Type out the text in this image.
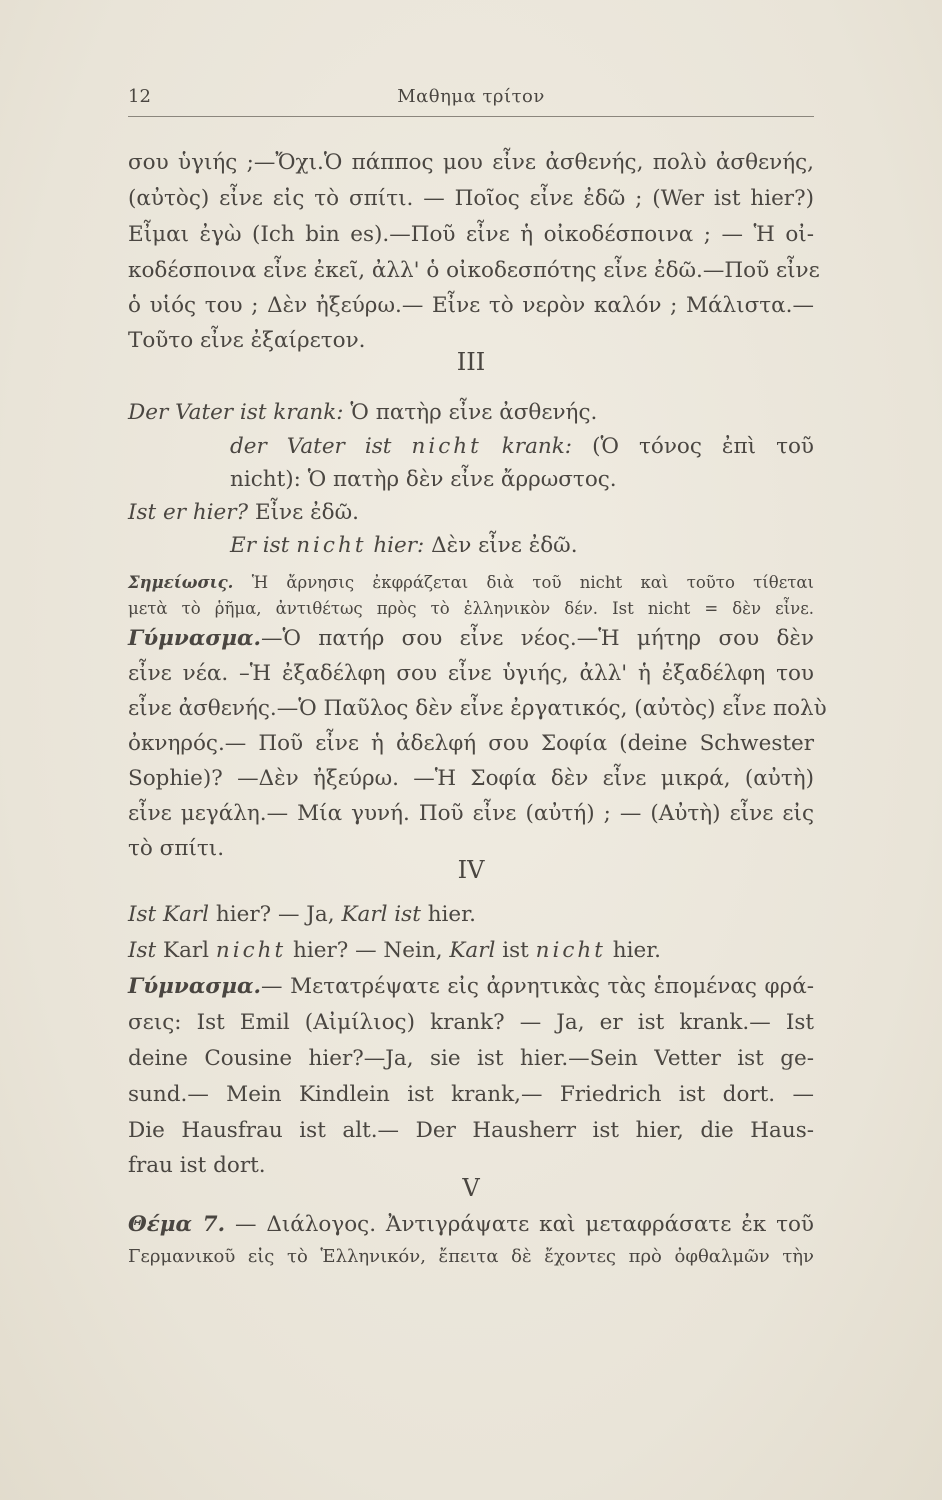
12	Μαθημα τρίτον
σου ὑγιής ;—Ὄχι.Ὁ πάππος μου εἶνε ἀσθενής, πολὺ ἀσθενής,
(αὐτὸς) εἶνε εἰς τὸ σπίτι. — Ποῖος εἶνε ἐδῶ ; (Wer ist hier?)
Εἶμαι ἐγὼ (Ich bin es).—Ποῦ εἶνε ἡ οἰκοδέσποινα ; — Ἡ οἰ-
κοδέσποινα εἶνε ἐκεῖ, ἀλλ' ὁ οἰκοδεσπότης εἶνε ἐδῶ.—Ποῦ εἶνε
ὁ υἱός του ; Δὲν ἠξεύρω.— Εἶνε τὸ νερὸν καλόν ; Μάλιστα.—
Τοῦτο εἶνε ἐξαίρετον.
III
Der Vater ist krank: Ὁ πατὴρ εἶνε ἀσθενής.
der Vater ist nicht krank: (Ὁ τόνος ἐπὶ τοῦ
nicht): Ὁ πατὴρ δὲν εἶνε ἄρρωστος.
Ist er hier? Εἶνε ἐδῶ.
Er ist nicht hier: Δὲν εἶνε ἐδῶ.
Σημείωσις. Ἡ ἄρνησις ἐκφράζεται διὰ τοῦ nicht καὶ τοῦτο τίθεται
μετὰ τὸ ῥῆμα, ἀντιθέτως πρὸς τὸ ἑλληνικὸν δέν. Ist nicht = δὲν εἶνε.
Γύμνασμα.—Ὁ πατήρ σου εἶνε νέος.—Ἡ μήτηρ σου δὲν
εἶνε νέα. –Ἡ ἐξαδέλφη σου εἶνε ὑγιής, ἀλλ' ἡ ἐξαδέλφη του
εἶνε ἀσθενής.—Ὁ Παῦλος δὲν εἶνε ἐργατικός, (αὐτὸς) εἶνε πολὺ
ὀκνηρός.— Ποῦ εἶνε ἡ ἀδελφή σου Σοφία (deine Schwester
Sophie)? —Δὲν ἠξεύρω. —Ἡ Σοφία δὲν εἶνε μικρά, (αὐτὴ)
εἶνε μεγάλη.— Μία γυνή. Ποῦ εἶνε (αὐτή) ; — (Αὐτὴ) εἶνε εἰς
τὸ σπίτι.
IV
Ist Karl hier? — Ja, Karl ist hier.
Ist Karl nicht hier? — Nein, Karl ist nicht hier.
Γύμνασμα.— Μετατρέψατε εἰς ἀρνητικὰς τὰς ἑπομένας φρά-
σεις: Ist Emil (Αἰμίλιος) krank? — Ja, er ist krank.— Ist
deine Cousine hier?—Ja, sie ist hier.—Sein Vetter ist ge-
sund.— Mein Kindlein ist krank,— Friedrich ist dort. —
Die Hausfrau ist alt.— Der Hausherr ist hier, die Haus-
frau ist dort.
V
Θέμα 7. — Διάλογος. Ἀντιγράψατε καὶ μεταφράσατε ἐκ τοῦ
Γερμανικοῦ εἰς τὸ Ἑλληνικόν, ἔπειτα δὲ ἔχοντες πρὸ ὀφθαλμῶν τὴν
